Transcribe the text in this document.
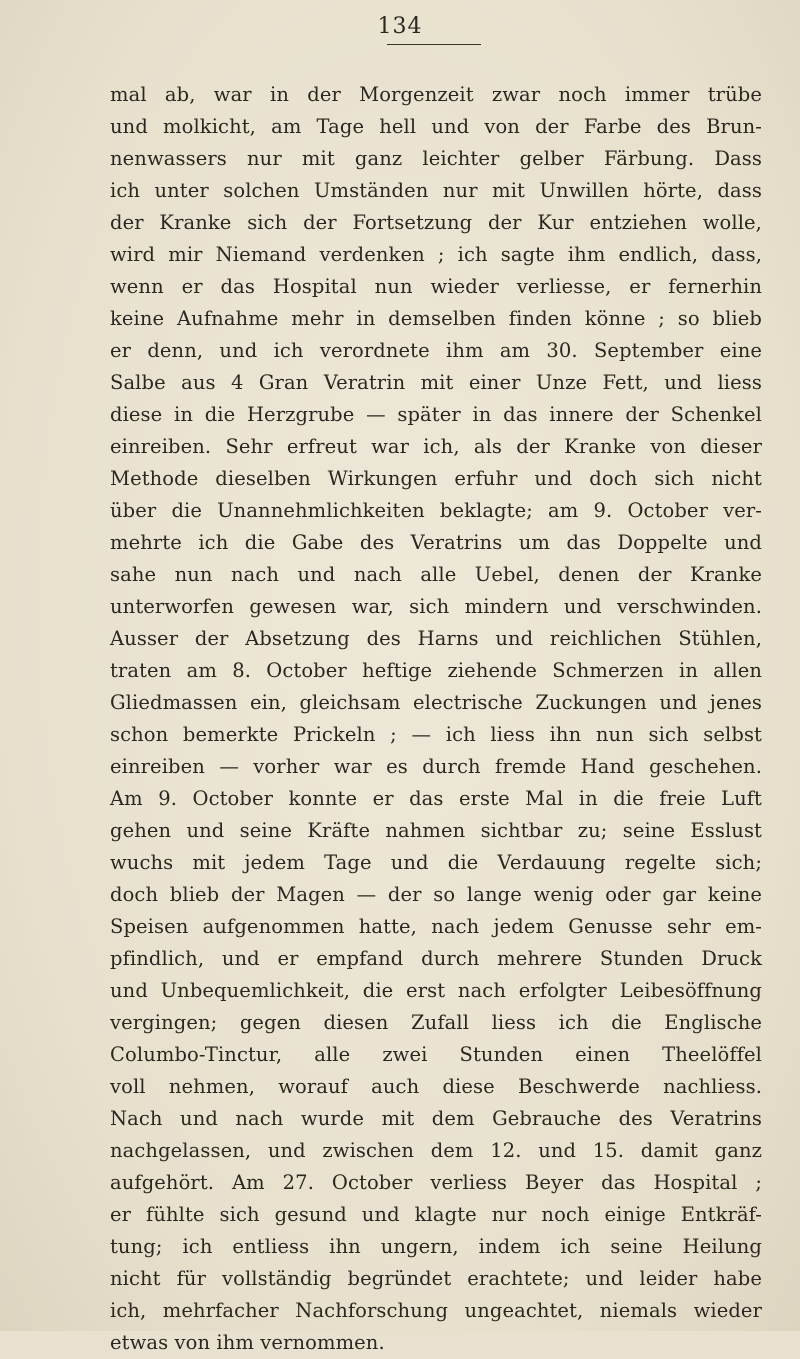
134
mal ab, war in der Morgenzeit zwar noch immer trübe
und molkicht, am Tage hell und von der Farbe des Brun-
nenwassers nur mit ganz leichter gelber Färbung. Dass
ich unter solchen Umständen nur mit Unwillen hörte, dass
der Kranke sich der Fortsetzung der Kur entziehen wolle,
wird mir Niemand verdenken ; ich sagte ihm endlich, dass,
wenn er das Hospital nun wieder verliesse, er fernerhin
keine Aufnahme mehr in demselben finden könne ; so blieb
er denn, und ich verordnete ihm am 30. September eine
Salbe aus 4 Gran Veratrin mit einer Unze Fett, und liess
diese in die Herzgrube — später in das innere der Schenkel
einreiben. Sehr erfreut war ich, als der Kranke von dieser
Methode dieselben Wirkungen erfuhr und doch sich nicht
über die Unannehmlichkeiten beklagte; am 9. October ver-
mehrte ich die Gabe des Veratrins um das Doppelte und
sahe nun nach und nach alle Uebel, denen der Kranke
unterworfen gewesen war, sich mindern und verschwinden.
Ausser der Absetzung des Harns und reichlichen Stühlen,
traten am 8. October heftige ziehende Schmerzen in allen
Gliedmassen ein, gleichsam electrische Zuckungen und jenes
schon bemerkte Prickeln ; — ich liess ihn nun sich selbst
einreiben — vorher war es durch fremde Hand geschehen.
Am 9. October konnte er das erste Mal in die freie Luft
gehen und seine Kräfte nahmen sichtbar zu; seine Esslust
wuchs mit jedem Tage und die Verdauung regelte sich;
doch blieb der Magen — der so lange wenig oder gar keine
Speisen aufgenommen hatte, nach jedem Genusse sehr em-
pfindlich, und er empfand durch mehrere Stunden Druck
und Unbequemlichkeit, die erst nach erfolgter Leibesöffnung
vergingen; gegen diesen Zufall liess ich die Englische
Columbo-Tinctur, alle zwei Stunden einen Theelöffel
voll nehmen, worauf auch diese Beschwerde nachliess.
Nach und nach wurde mit dem Gebrauche des Veratrins
nachgelassen, und zwischen dem 12. und 15. damit ganz
aufgehört. Am 27. October verliess Beyer das Hospital ;
er fühlte sich gesund und klagte nur noch einige Entkräf-
tung; ich entliess ihn ungern, indem ich seine Heilung
nicht für vollständig begründet erachtete; und leider habe
ich, mehrfacher Nachforschung ungeachtet, niemals wieder
etwas von ihm vernommen.
